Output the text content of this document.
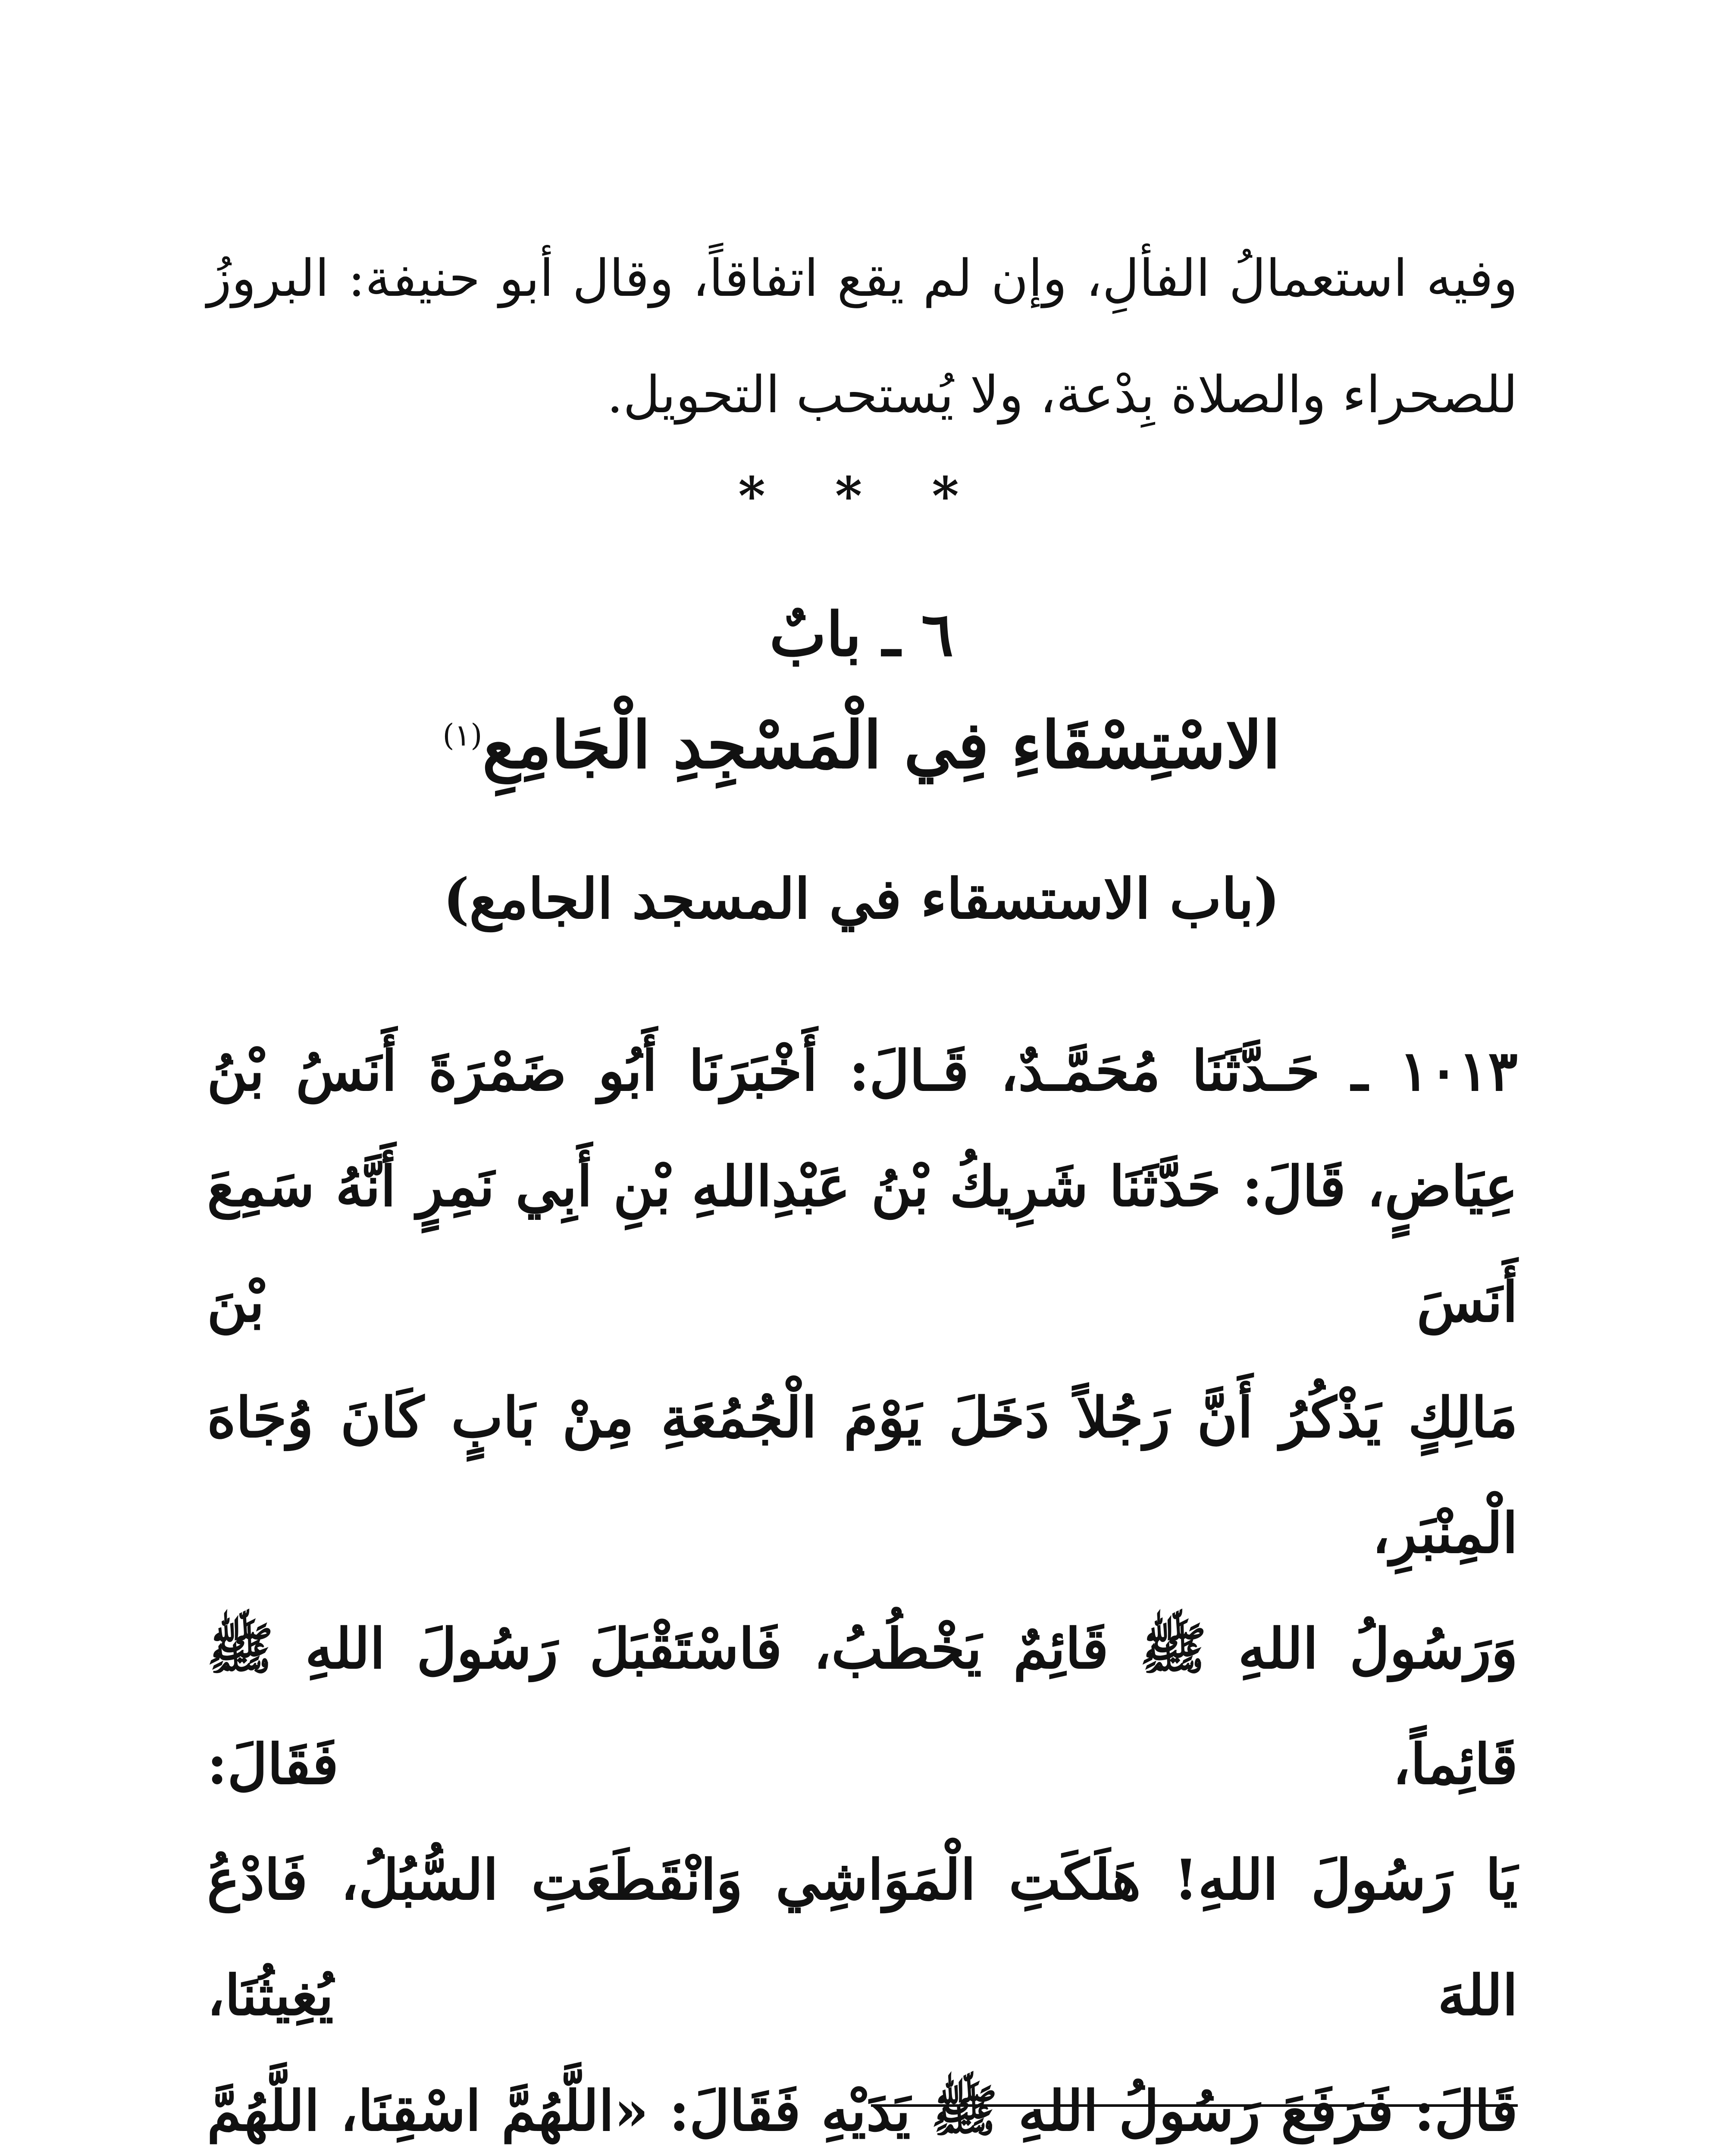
وفيه استعمالُ الفألِ، وإن لم يقع اتفاقاً، وقال أبو حنيفة: البروزُ للصحراء والصلاة بِدْعة، ولا يُستحب التحويل.

* * *
٦ ـ بابٌ
الاسْتِسْقَاءِ فِي الْمَسْجِدِ الْجَامِعِ$^{(١)}$
(باب الاستسقاء في المسجد الجامع)
١٠١٣ ـ حَـدَّثَنَا مُحَمَّـدٌ، قَـالَ: أَخْبَرَنَا أَبُو ضَمْرَةَ أَنَسُ بْنُ
عِيَاضٍ، قَالَ: حَدَّثَنَا شَرِيكُ بْنُ عَبْدِاللهِ بْنِ أَبِي نَمِرٍ أَنَّهُ سَمِعَ أَنَسَ بْنَ
مَالِكٍ يَذْكُرُ أَنَّ رَجُلاً دَخَلَ يَوْمَ الْجُمُعَةِ مِنْ بَابٍ كَانَ وُجَاهَ الْمِنْبَرِ،
وَرَسُولُ اللهِ ﷺ قَائِمٌ يَخْطُبُ، فَاسْتَقْبَلَ رَسُولَ اللهِ ﷺ قَائِماً، فَقَالَ:
يَا رَسُولَ اللهِ! هَلَكَتِ الْمَوَاشِي وَانْقَطَعَتِ السُّبُلُ، فَادْعُ اللهَ يُغِيثُنَا،
قَالَ: فَرَفَعَ رَسُولُ اللهِ ﷺ يَدَيْهِ فَقَالَ: «اللَّهُمَّ اسْقِنَا، اللَّهُمَّ
